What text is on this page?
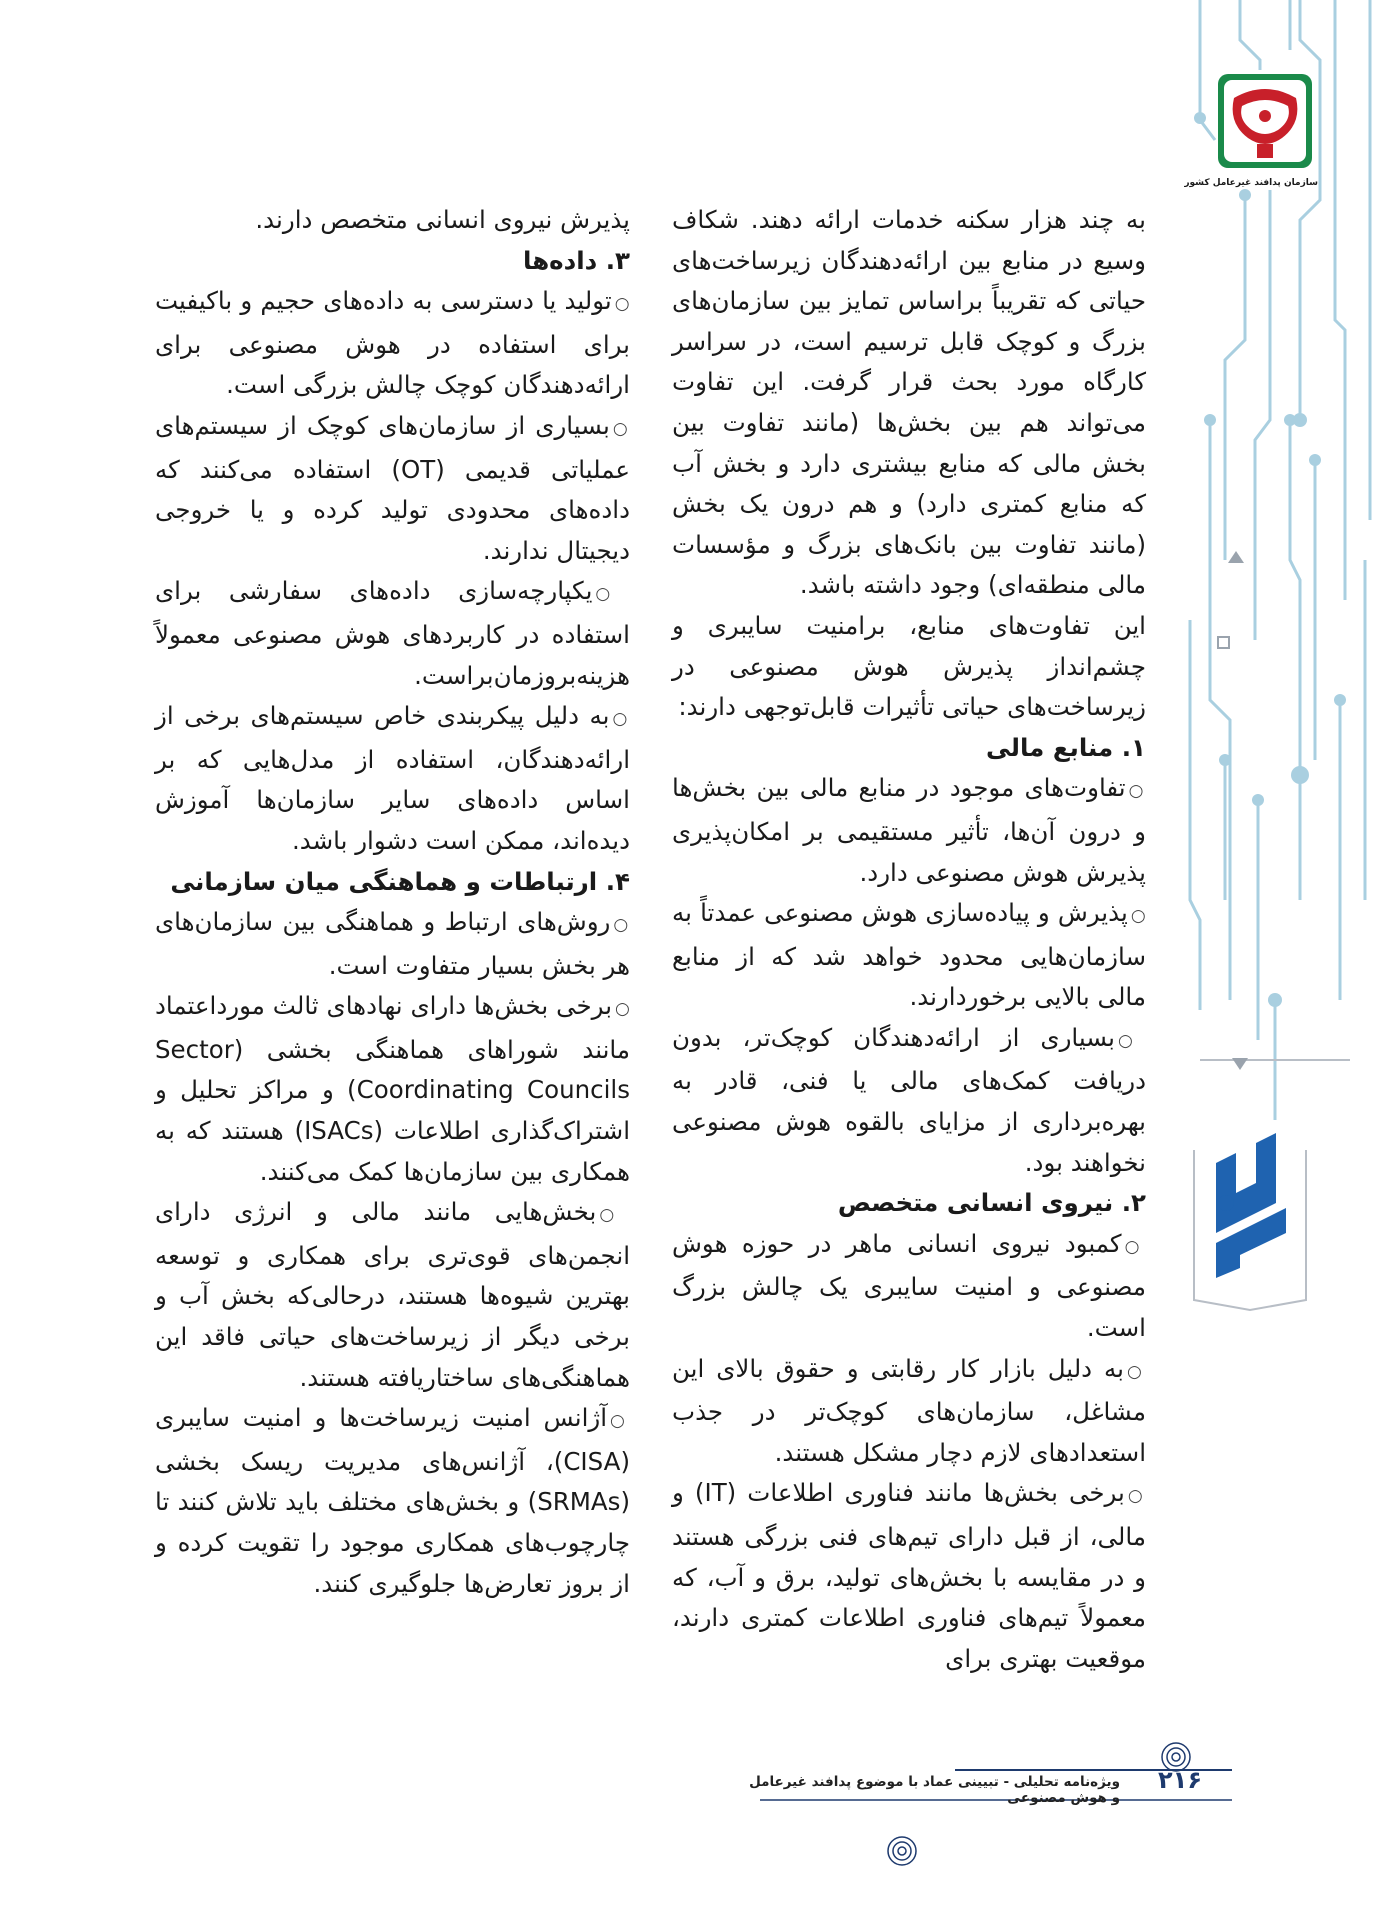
سازمان پدافند غیرعامل کشور

به چند هزار سکنه خدمات ارائه دهند. شکاف وسیع در منابع بین ارائه‌دهندگان زیرساخت‌های حیاتی که تقریباً براساس تمایز بین سازمان‌های بزرگ و کوچک قابل ترسیم است، در سراسر کارگاه مورد بحث قرار گرفت. این تفاوت می‌تواند هم بین بخش‌ها (مانند تفاوت بین بخش مالی که منابع بیشتری دارد و بخش آب که منابع کمتری دارد) و هم درون یک بخش (مانند تفاوت بین بانک‌های بزرگ و مؤسسات مالی منطقه‌ای) وجود داشته باشد.

این تفاوت‌های منابع، برامنیت سایبری و چشم‌انداز پذیرش هوش مصنوعی در زیرساخت‌های حیاتی تأثیرات قابل‌توجهی دارند:

۱. منابع مالی

○ تفاوت‌های موجود در منابع مالی بین بخش‌ها و درون آن‌ها، تأثیر مستقیمی بر امکان‌پذیری پذیرش هوش مصنوعی دارد.

○ پذیرش و پیاده‌سازی هوش مصنوعی عمدتاً به سازمان‌هایی محدود خواهد شد که از منابع مالی بالایی برخوردارند.

○ بسیاری از ارائه‌دهندگان کوچک‌تر، بدون دریافت کمک‌های مالی یا فنی، قادر به بهره‌برداری از مزایای بالقوه هوش مصنوعی نخواهند بود.

۲. نیروی انسانی متخصص

○ کمبود نیروی انسانی ماهر در حوزه هوش مصنوعی و امنیت سایبری یک چالش بزرگ است.

○ به دلیل بازار کار رقابتی و حقوق بالای این مشاغل، سازمان‌های کوچک‌تر در جذب استعدادهای لازم دچار مشکل هستند.

○ برخی بخش‌ها مانند فناوری اطلاعات (IT) و مالی، از قبل دارای تیم‌های فنی بزرگی هستند و در مقایسه با بخش‌های تولید، برق و آب، که معمولاً تیم‌های فناوری اطلاعات کمتری دارند، موقعیت بهتری برای

پذیرش نیروی انسانی متخصص دارند.

۳. داده‌ها

○ تولید یا دسترسی به داده‌های حجیم و باکیفیت برای استفاده در هوش مصنوعی برای ارائه‌دهندگان کوچک چالش بزرگی است.

○ بسیاری از سازمان‌های کوچک از سیستم‌های عملیاتی قدیمی (OT) استفاده می‌کنند که داده‌های محدودی تولید کرده و یا خروجی دیجیتال ندارند.

○ یکپارچه‌سازی داده‌های سفارشی برای استفاده در کاربردهای هوش مصنوعی معمولاً هزینه‌بروزمان‌براست.

○ به دلیل پیکربندی خاص سیستم‌های برخی از ارائه‌دهندگان، استفاده از مدل‌هایی که بر اساس داده‌های سایر سازمان‌ها آموزش دیده‌اند، ممکن است دشوار باشد.

۴. ارتباطات و هماهنگی میان سازمانی

○ روش‌های ارتباط و هماهنگی بین سازمان‌های هر بخش بسیار متفاوت است.

○ برخی بخش‌ها دارای نهادهای ثالث مورداعتماد مانند شوراهای هماهنگی بخشی (Sector Coordinating Councils) و مراکز تحلیل و اشتراک‌گذاری اطلاعات (ISACs) هستند که به همکاری بین سازمان‌ها کمک می‌کنند.

○ بخش‌هایی مانند مالی و انرژی دارای انجمن‌های قوی‌تری برای همکاری و توسعه بهترین شیوه‌ها هستند، درحالی‌که بخش آب و برخی دیگر از زیرساخت‌های حیاتی فاقد این هماهنگی‌های ساختاریافته هستند.

○ آژانس امنیت زیرساخت‌ها و امنیت سایبری (CISA)، آژانس‌های مدیریت ریسک بخشی (SRMAs) و بخش‌های مختلف باید تلاش کنند تا چارچوب‌های همکاری موجود را تقویت کرده و از بروز تعارض‌ها جلوگیری کنند.

ویژه‌نامه تحلیلی - تبیینی عماد با موضوع پدافند غیرعامل و هوش مصنوعی
۲۱۶
